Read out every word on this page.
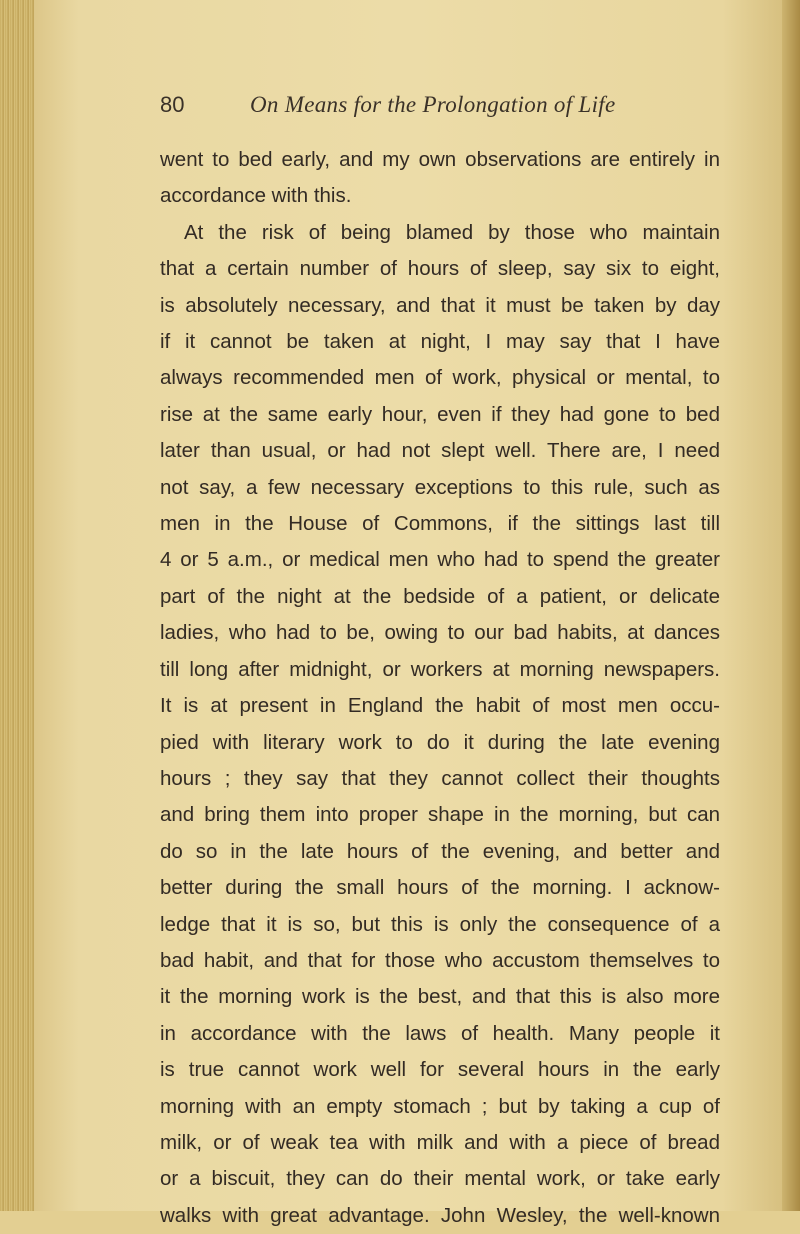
80	On Means for the Prolongation of Life
went to bed early, and my own observations are entirely in
accordance with this.
At the risk of being blamed by those who maintain
that a certain number of hours of sleep, say six to eight,
is absolutely necessary, and that it must be taken by day
if it cannot be taken at night, I may say that I have
always recommended men of work, physical or mental, to
rise at the same early hour, even if they had gone to bed
later than usual, or had not slept well. There are, I need
not say, a few necessary exceptions to this rule, such as
men in the House of Commons, if the sittings last till
4 or 5 a.m., or medical men who had to spend the greater
part of the night at the bedside of a patient, or delicate
ladies, who had to be, owing to our bad habits, at dances
till long after midnight, or workers at morning newspapers.
It is at present in England the habit of most men occu-
pied with literary work to do it during the late evening
hours ; they say that they cannot collect their thoughts
and bring them into proper shape in the morning, but can
do so in the late hours of the evening, and better and
better during the small hours of the morning. I acknow-
ledge that it is so, but this is only the consequence of a
bad habit, and that for those who accustom themselves to
it the morning work is the best, and that this is also more
in accordance with the laws of health. Many people it
is true cannot work well for several hours in the early
morning with an empty stomach ; but by taking a cup of
milk, or of weak tea with milk and with a piece of bread
or a biscuit, they can do their mental work, or take early
walks with great advantage. John Wesley, the well-known
